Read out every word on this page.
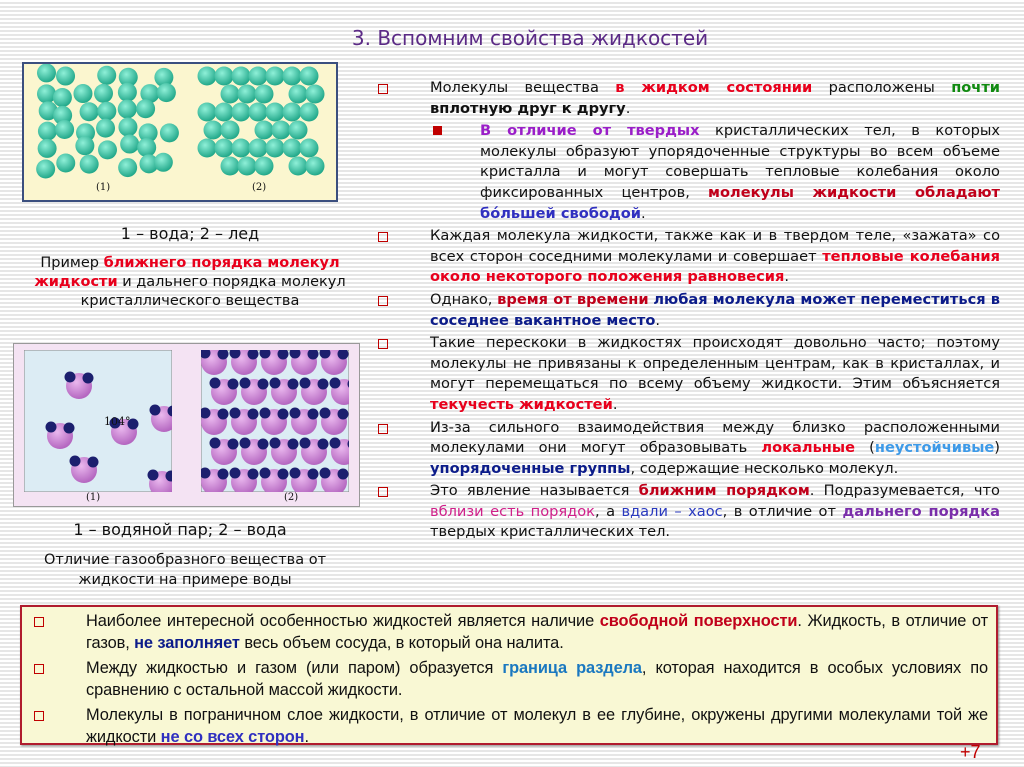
3. Вспомним свойства жидкостей
(1)	(2)
1 – вода; 2 – лед
Пример ближнего порядка молекул жидкости и дальнего порядка молекул кристаллического вещества
104°
(1)	(2)
1 – водяной пар; 2 – вода
Отличие газообразного вещества от жидкости на примере воды
Молекулы вещества в жидком состоянии расположены почти вплотную друг к другу.
В отличие от твердых кристаллических тел, в которых молекулы образуют упорядоченные структуры во всем объеме кристалла и могут совершать тепловые колебания около фиксированных центров, молекулы жидкости обладают бо́льшей свободой.
Каждая молекула жидкости, также как и в твердом теле, «зажата» со всех сторон соседними молекулами и совершает тепловые колебания около некоторого положения равновесия.
Однако, время от времени любая молекула может переместиться в соседнее вакантное место.
Такие перескоки в жидкостях происходят довольно часто; поэтому молекулы не привязаны к определенным центрам, как в кристаллах, и могут перемещаться по всему объему жидкости. Этим объясняется текучесть жидкостей.
Из-за сильного взаимодействия между близко расположенными молекулами они могут образовывать локальные (неустойчивые) упорядоченные группы, содержащие несколько молекул.
Это явление называется ближним порядком. Подразумевается, что вблизи есть порядок, а вдали – хаос, в отличие от дальнего порядка твердых кристаллических тел.
Наиболее интересной особенностью жидкостей является наличие свободной поверхности. Жидкость, в отличие от газов, не заполняет весь объем сосуда, в который она налита.
Между жидкостью и газом (или паром) образуется граница раздела, которая находится в особых условиях по сравнению с остальной массой жидкости.
Молекулы в пограничном слое жидкости, в отличие от молекул в ее глубине, окружены другими молекулами той же жидкости не со всех сторон.
+7
